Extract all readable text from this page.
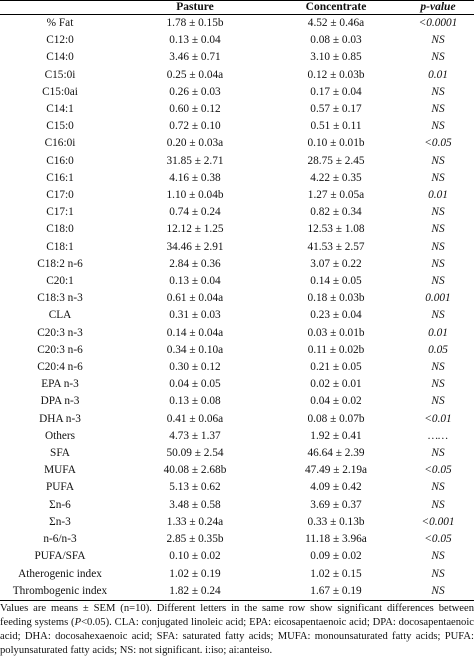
	Pasture	Concentrate	p-value
% Fat	1.78 ± 0.15b	4.52 ± 0.46a	<0.0001
C12:0	0.13 ± 0.04	0.08 ± 0.03	NS
C14:0	3.46 ± 0.71	3.10 ± 0.85	NS
C15:0i	0.25 ± 0.04a	0.12 ± 0.03b	0.01
C15:0ai	0.26 ± 0.03	0.17 ± 0.04	NS
C14:1	0.60 ± 0.12	0.57 ± 0.17	NS
C15:0	0.72 ± 0.10	0.51 ± 0.11	NS
C16:0i	0.20 ± 0.03a	0.10 ± 0.01b	<0.05
C16:0	31.85 ± 2.71	28.75 ± 2.45	NS
C16:1	4.16 ± 0.38	4.22 ± 0.35	NS
C17:0	1.10 ± 0.04b	1.27 ± 0.05a	0.01
C17:1	0.74 ± 0.24	0.82 ± 0.34	NS
C18:0	12.12 ± 1.25	12.53 ± 1.08	NS
C18:1	34.46 ± 2.91	41.53 ± 2.57	NS
C18:2 n-6	2.84 ± 0.36	3.07 ± 0.22	NS
C20:1	0.13 ± 0.04	0.14 ± 0.05	NS
C18:3 n-3	0.61 ± 0.04a	0.18 ± 0.03b	0.001
CLA	0.31 ± 0.03	0.23 ± 0.04	NS
C20:3 n-3	0.14 ± 0.04a	0.03 ± 0.01b	0.01
C20:3 n-6	0.34 ± 0.10a	0.11 ± 0.02b	0.05
C20:4 n-6	0.30 ± 0.12	0.21 ± 0.05	NS
EPA n-3	0.04 ± 0.05	0.02 ± 0.01	NS
DPA n-3	0.13 ± 0.08	0.04 ± 0.02	NS
DHA n-3	0.41 ± 0.06a	0.08 ± 0.07b	<0.01
Others	4.73 ± 1.37	1.92 ± 0.41	……
SFA	50.09 ± 2.54	46.64 ± 2.39	NS
MUFA	40.08 ± 2.68b	47.49 ± 2.19a	<0.05
PUFA	5.13 ± 0.62	4.09 ± 0.42	NS
Σn-6	3.48 ± 0.58	3.69 ± 0.37	NS
Σn-3	1.33 ± 0.24a	0.33 ± 0.13b	<0.001
n-6/n-3	2.85 ± 0.35b	11.18 ± 3.96a	<0.05
PUFA/SFA	0.10 ± 0.02	0.09 ± 0.02	NS
Atherogenic index	1.02 ± 0.19	1.02 ± 0.15	NS
Thrombogenic index	1.82 ± 0.24	1.67 ± 0.19	NS
Values are means ± SEM (n=10). Different letters in the same row show significant differences between feeding systems (P<0.05). CLA: conjugated linoleic acid; EPA: eicosapentaenoic acid; DPA: docosapentaenoic acid; DHA: docosahexaenoic acid; SFA: saturated fatty acids; MUFA: monounsaturated fatty acids; PUFA: polyunsaturated fatty acids; NS: not significant. i:iso; ai:anteiso.
